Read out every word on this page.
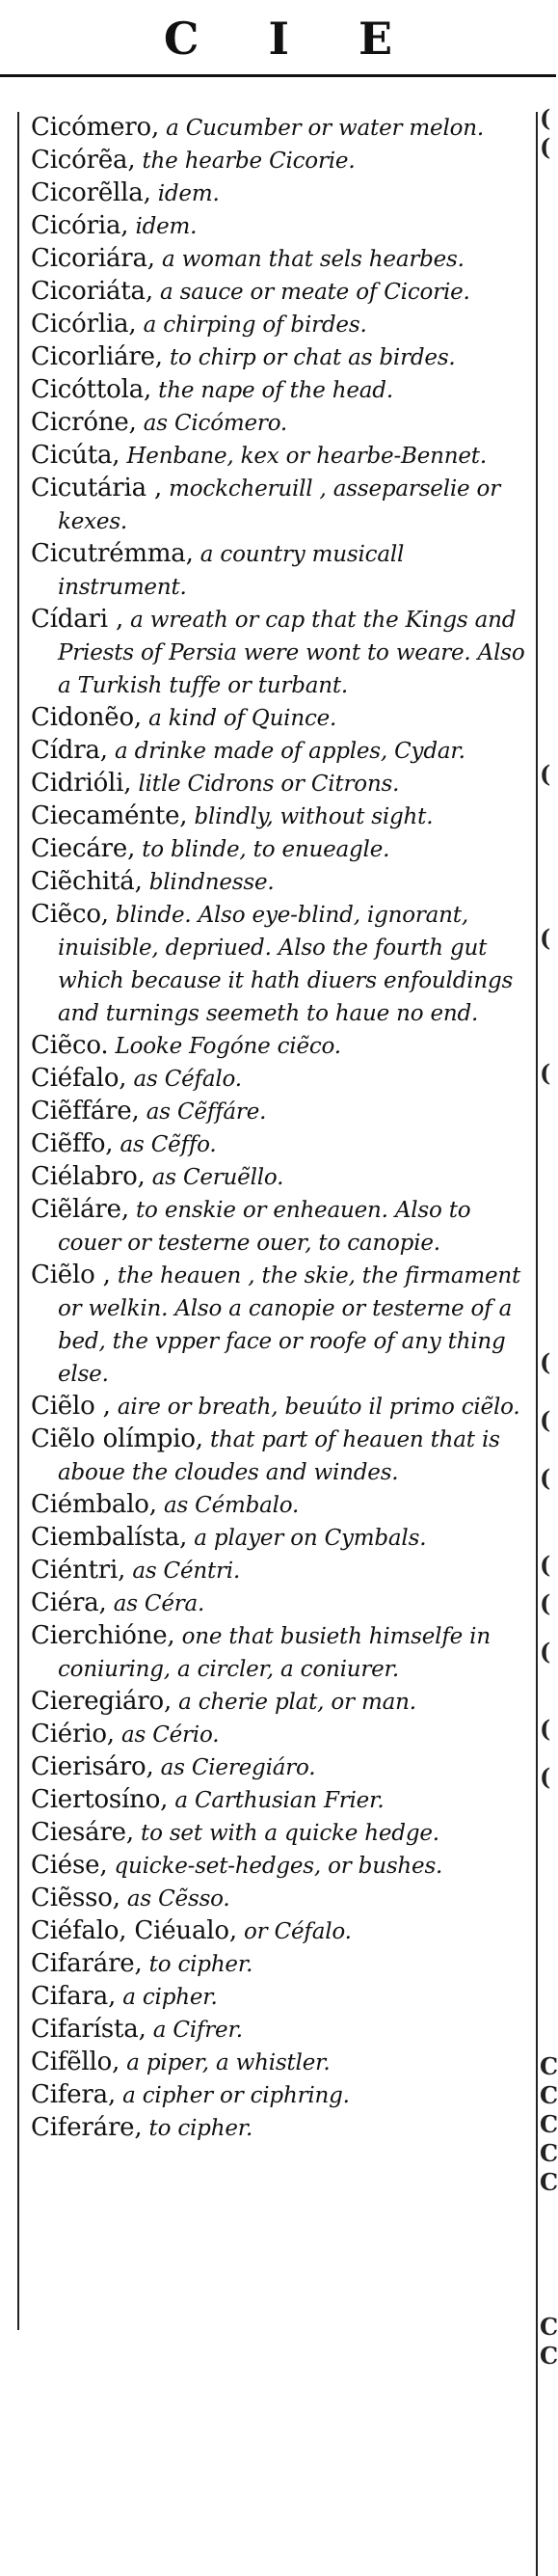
C I E
Cicómero, a Cucumber or water melon.
Cicórẽa, the hearbe Cicorie.
Cicorẽlla, idem.
Cicória, idem.
Cicoriára, a woman that sels hearbes.
Cicoriáta, a sauce or meate of Cicorie.
Cicórlia, a chirping of birdes.
Cicorliáre, to chirp or chat as birdes.
Cicóttola, the nape of the head.
Cicróne, as Cicómero.
Cicúta, Henbane, kex or hearbe-Bennet.
Cicutária , mockcheruill , asseparselie or kexes.
Cicutrémma, a country musicall instrument.
Cídari , a wreath or cap that the Kings and Priests of Persia were wont to weare. Also a Turkish tuffe or turbant.
Cidonẽo, a kind of Quince.
Cídra, a drinke made of apples, Cydar.
Cidrióli, litle Cidrons or Citrons.
Ciecaménte, blindly, without sight.
Ciecáre, to blinde, to enueagle.
Ciẽchitá, blindnesse.
Ciẽco, blinde. Also eye-blind, ignorant, inuisible, depriued. Also the fourth gut which because it hath diuers enfouldings and turnings seemeth to haue no end.
Ciẽco. Looke Fogóne ciẽco.
Ciéfalo, as Céfalo.
Ciẽffáre, as Cẽffáre.
Ciẽffo, as Cẽffo.
Ciélabro, as Ceruẽllo.
Ciẽláre, to enskie or enheauen. Also to couer or testerne ouer, to canopie.
Ciẽlo , the heauen , the skie, the firmament or welkin. Also a canopie or testerne of a bed, the vpper face or roofe of any thing else.
Ciẽlo , aire or breath, beuúto il primo ciẽlo.
Ciẽlo olímpio, that part of heauen that is aboue the cloudes and windes.
Ciémbalo, as Cémbalo.
Ciembalísta, a player on Cymbals.
Ciéntri, as Céntri.
Ciéra, as Céra.
Cierchióne, one that busieth himselfe in coniuring, a circler, a coniurer.
Cieregiáro, a cherie plat, or man.
Ciério, as Cério.
Cierisáro, as Cieregiáro.
Ciertosíno, a Carthusian Frier.
Ciesáre, to set with a quicke hedge.
Ciése, quicke-set-hedges, or bushes.
Ciẽsso, as Cẽsso.
Ciéfalo, Ciéualo, or Céfalo.
Cifaráre, to cipher.
Cifara, a cipher.
Cifarísta, a Cifrer.
Cifẽllo, a piper, a whistler.
Cifera, a cipher or ciphring.
Ciferáre, to cipher.
(
(
(
(
(
(
(
(
(
(
(
(
(
C
C
C
C
C
C
C
